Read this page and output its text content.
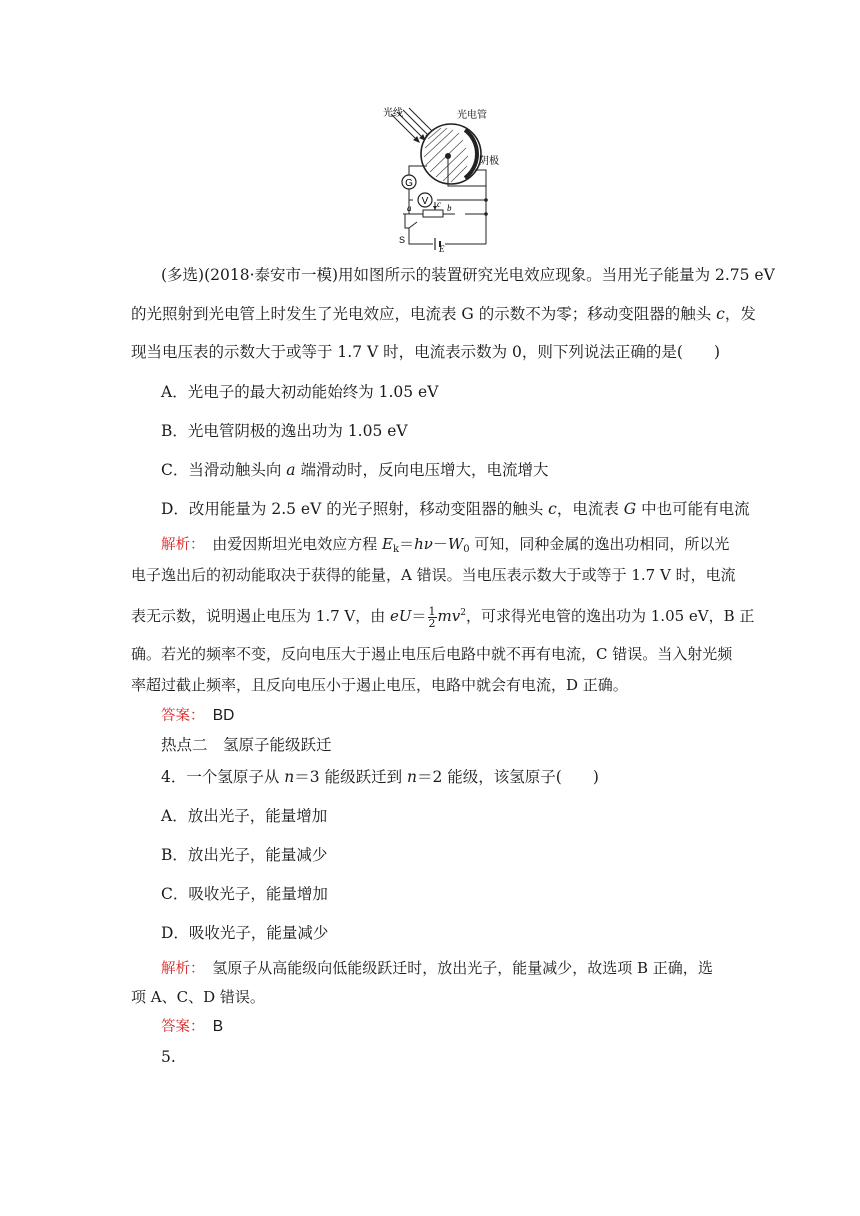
G
V
a	c b
S
E
光线	光电管
阴极
(多选)(2018·泰安市一模)用如图所示的装置研究光电效应现象。当用光子能量为 2.75 eV
的光照射到光电管上时发生了光电效应，电流表 G 的示数不为零；移动变阻器的触头 c，发
现当电压表的示数大于或等于 1.7 V 时，电流表示数为 0，则下列说法正确的是(　　)
A．光电子的最大初动能始终为 1.05 eV
B．光电管阴极的逸出功为 1.05 eV
C．当滑动触头向 a 端滑动时，反向电压增大，电流增大
D．改用能量为 2.5 eV 的光子照射，移动变阻器的触头 c，电流表 G 中也可能有电流
解析：　由爱因斯坦光电效应方程 $E_k=h\nu-W_0$ 可知，同种金属的逸出功相同，所以光
电子逸出后的初动能取决于获得的能量，A 错误。当电压表示数大于或等于 1.7 V 时，电流
表无示数，说明遏止电压为 1.7 V，由 $eU= \frac{1}{2} mv^2$，可求得光电管的逸出功为 1.05 eV，B 正
确。若光的频率不变，反向电压大于遏止电压后电路中就不再有电流，C 错误。当入射光频
率超过截止频率，且反向电压小于遏止电压，电路中就会有电流，D 正确。
答案：　BD
热点二　氢原子能级跃迁
4．一个氢原子从 n＝3 能级跃迁到 n＝2 能级，该氢原子(　　)
A．放出光子，能量增加
B．放出光子，能量减少
C．吸收光子，能量增加
D．吸收光子，能量减少
解析：　氢原子从高能级向低能级跃迁时，放出光子，能量减少，故选项 B 正确，选
项 A、C、D 错误。
答案：　B
5.
